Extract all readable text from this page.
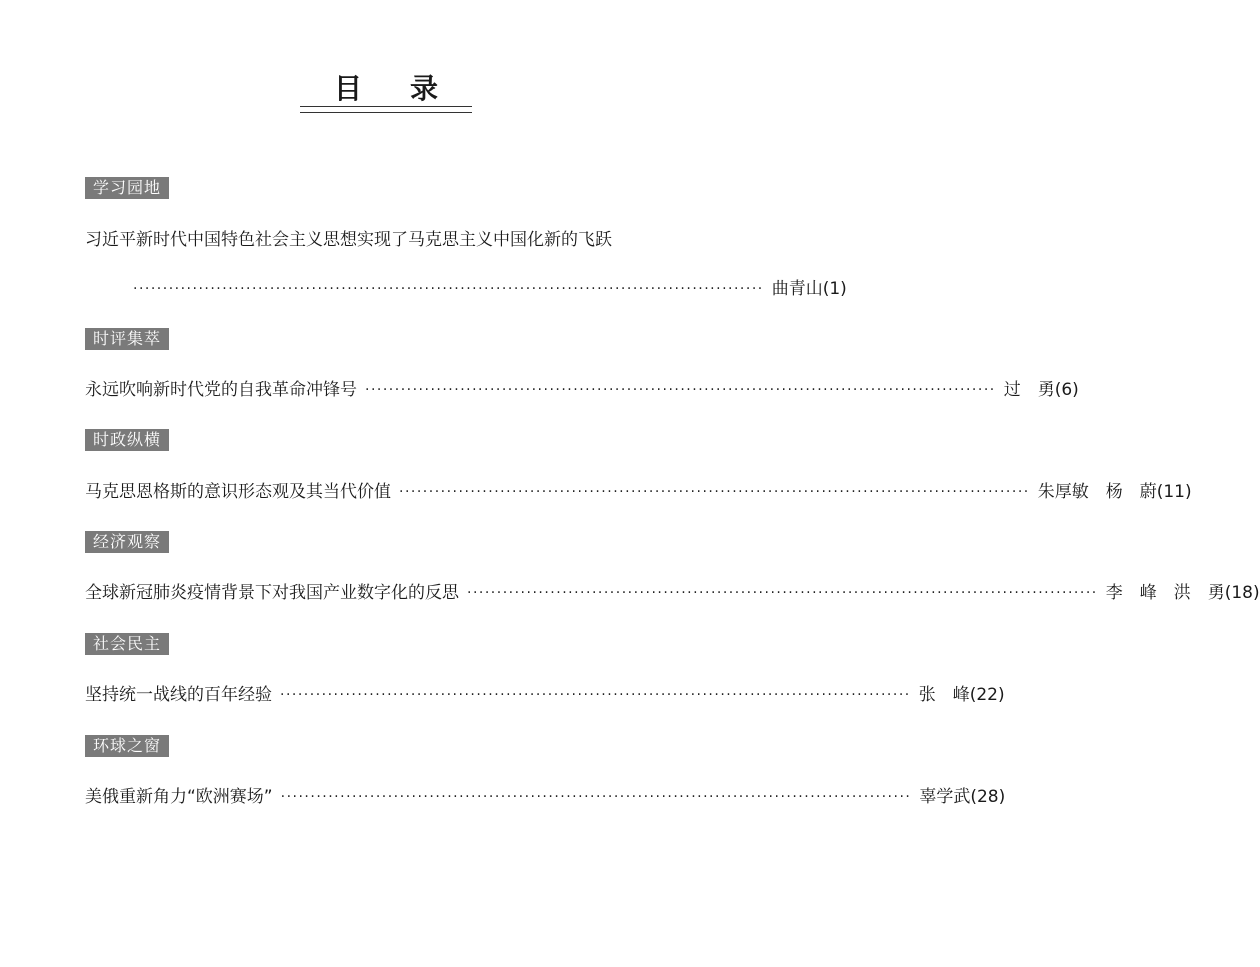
目 录
学习园地
习近平新时代中国特色社会主义思想实现了马克思主义中国化新的飞跃
·········································································································· 曲青山 (1)
时评集萃
永远吹响新时代党的自我革命冲锋号 ·········································································································· 过　勇 (6)
时政纵横
马克思恩格斯的意识形态观及其当代价值 ·········································································································· 朱厚敏　杨　蔚 (11)
经济观察
全球新冠肺炎疫情背景下对我国产业数字化的反思 ·········································································································· 李　峰　洪　勇 (18)
社会民主
坚持统一战线的百年经验 ·········································································································· 张　峰 (22)
环球之窗
美俄重新角力“欧洲赛场” ·········································································································· 辜学武 (28)
